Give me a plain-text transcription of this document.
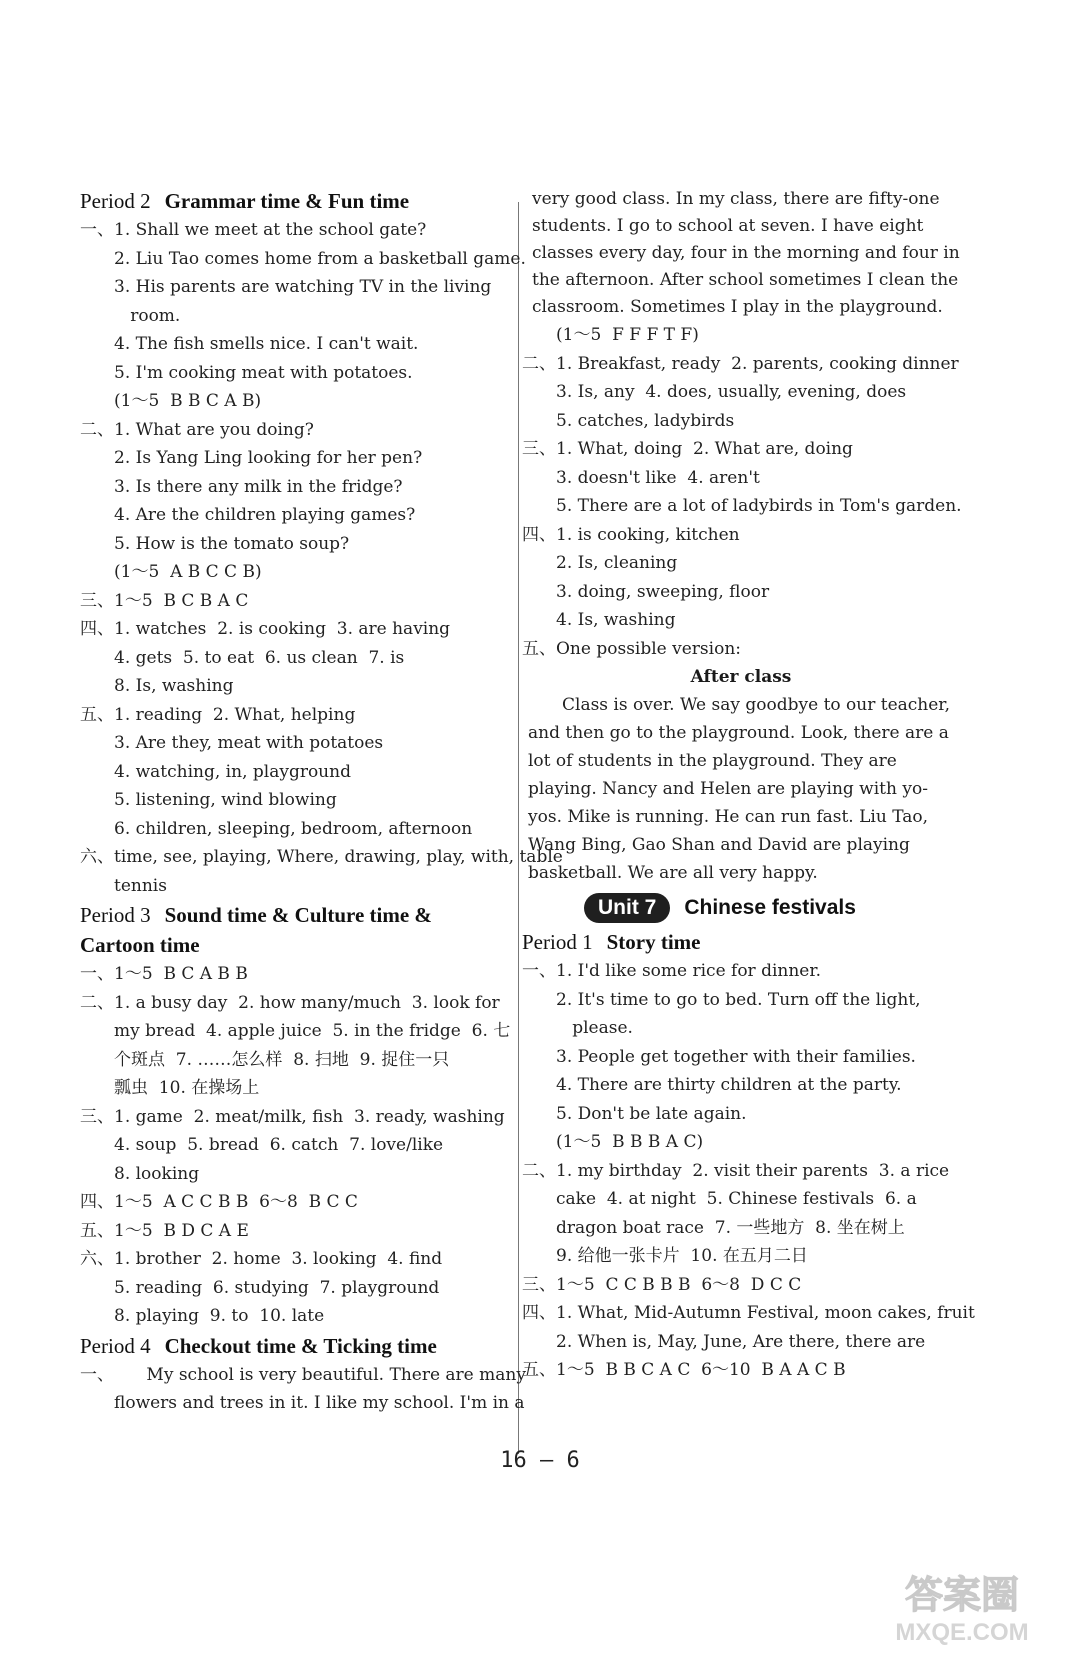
Period 2 Grammar time & Fun time
一、 1. Shall we meet at the school gate?
2. Liu Tao comes home from a basketball game.
3. His parents are watching TV in the living
room.
4. The fish smells nice. I can't wait.
5. I'm cooking meat with potatoes.
(1～5  B B C A B)
二、 1. What are you doing?
2. Is Yang Ling looking for her pen?
3. Is there any milk in the fridge?
4. Are the children playing games?
5. How is the tomato soup?
(1～5  A B C C B)
三、 1～5  B C B A C
四、 1. watches  2. is cooking  3. are having
4. gets  5. to eat  6. us clean  7. is
8. Is, washing
五、 1. reading  2. What, helping
3. Are they, meat with potatoes
4. watching, in, playground
5. listening, wind blowing
6. children, sleeping, bedroom, afternoon
六、 time, see, playing, Where, drawing, play, with, table
tennis
Period 3 Sound time & Culture time &
Cartoon time
一、 1～5  B C A B B
二、 1. a busy day  2. how many/much  3. look for
my bread  4. apple juice  5. in the fridge  6. 七
个斑点  7. ……怎么样  8. 扫地  9. 捉住一只
瓢虫  10. 在操场上
三、 1. game  2. meat/milk, fish  3. ready, washing
4. soup  5. bread  6. catch  7. love/like
8. looking
四、 1～5  A C C B B  6～8  B C C
五、 1～5  B D C A E
六、 1. brother  2. home  3. looking  4. find
5. reading  6. studying  7. playground
8. playing  9. to  10. late
Period 4 Checkout time & Ticking time
一、 My school is very beautiful. There are many
flowers and trees in it. I like my school. I'm in a
very good class. In my class, there are fifty-one students. I go to school at seven. I have eight classes every day, four in the morning and four in the afternoon. After school sometimes I clean the classroom. Sometimes I play in the playground.
(1～5  F F F T F)
二、 1. Breakfast, ready  2. parents, cooking dinner
3. Is, any  4. does, usually, evening, does
5. catches, ladybirds
三、 1. What, doing  2. What are, doing
3. doesn't like  4. aren't
5. There are a lot of ladybirds in Tom's garden.
四、 1. is cooking, kitchen
2. Is, cleaning
3. doing, sweeping, floor
4. Is, washing
五、 One possible version:
After class
Class is over. We say goodbye to our teacher, and then go to the playground. Look, there are a lot of students in the playground. They are playing. Nancy and Helen are playing with yo-yos. Mike is running. He can run fast. Liu Tao, Wang Bing, Gao Shan and David are playing basketball. We are all very happy.
Unit 7	Chinese festivals
Period 1 Story time
一、 1. I'd like some rice for dinner.
2. It's time to go to bed. Turn off the light,
please.
3. People get together with their families.
4. There are thirty children at the party.
5. Don't be late again.
(1～5  B B B A C)
二、 1. my birthday  2. visit their parents  3. a rice
cake  4. at night  5. Chinese festivals  6. a
dragon boat race  7. 一些地方  8. 坐在树上
9. 给他一张卡片  10. 在五月二日
三、 1～5  C C B B B  6～8  D C C
四、 1. What, Mid-Autumn Festival, moon cakes, fruit
2. When is, May, June, Are there, there are
五、 1～5  B B C A C  6～10  B A A C B
16 — 6
答案圈
MXQE.COM
